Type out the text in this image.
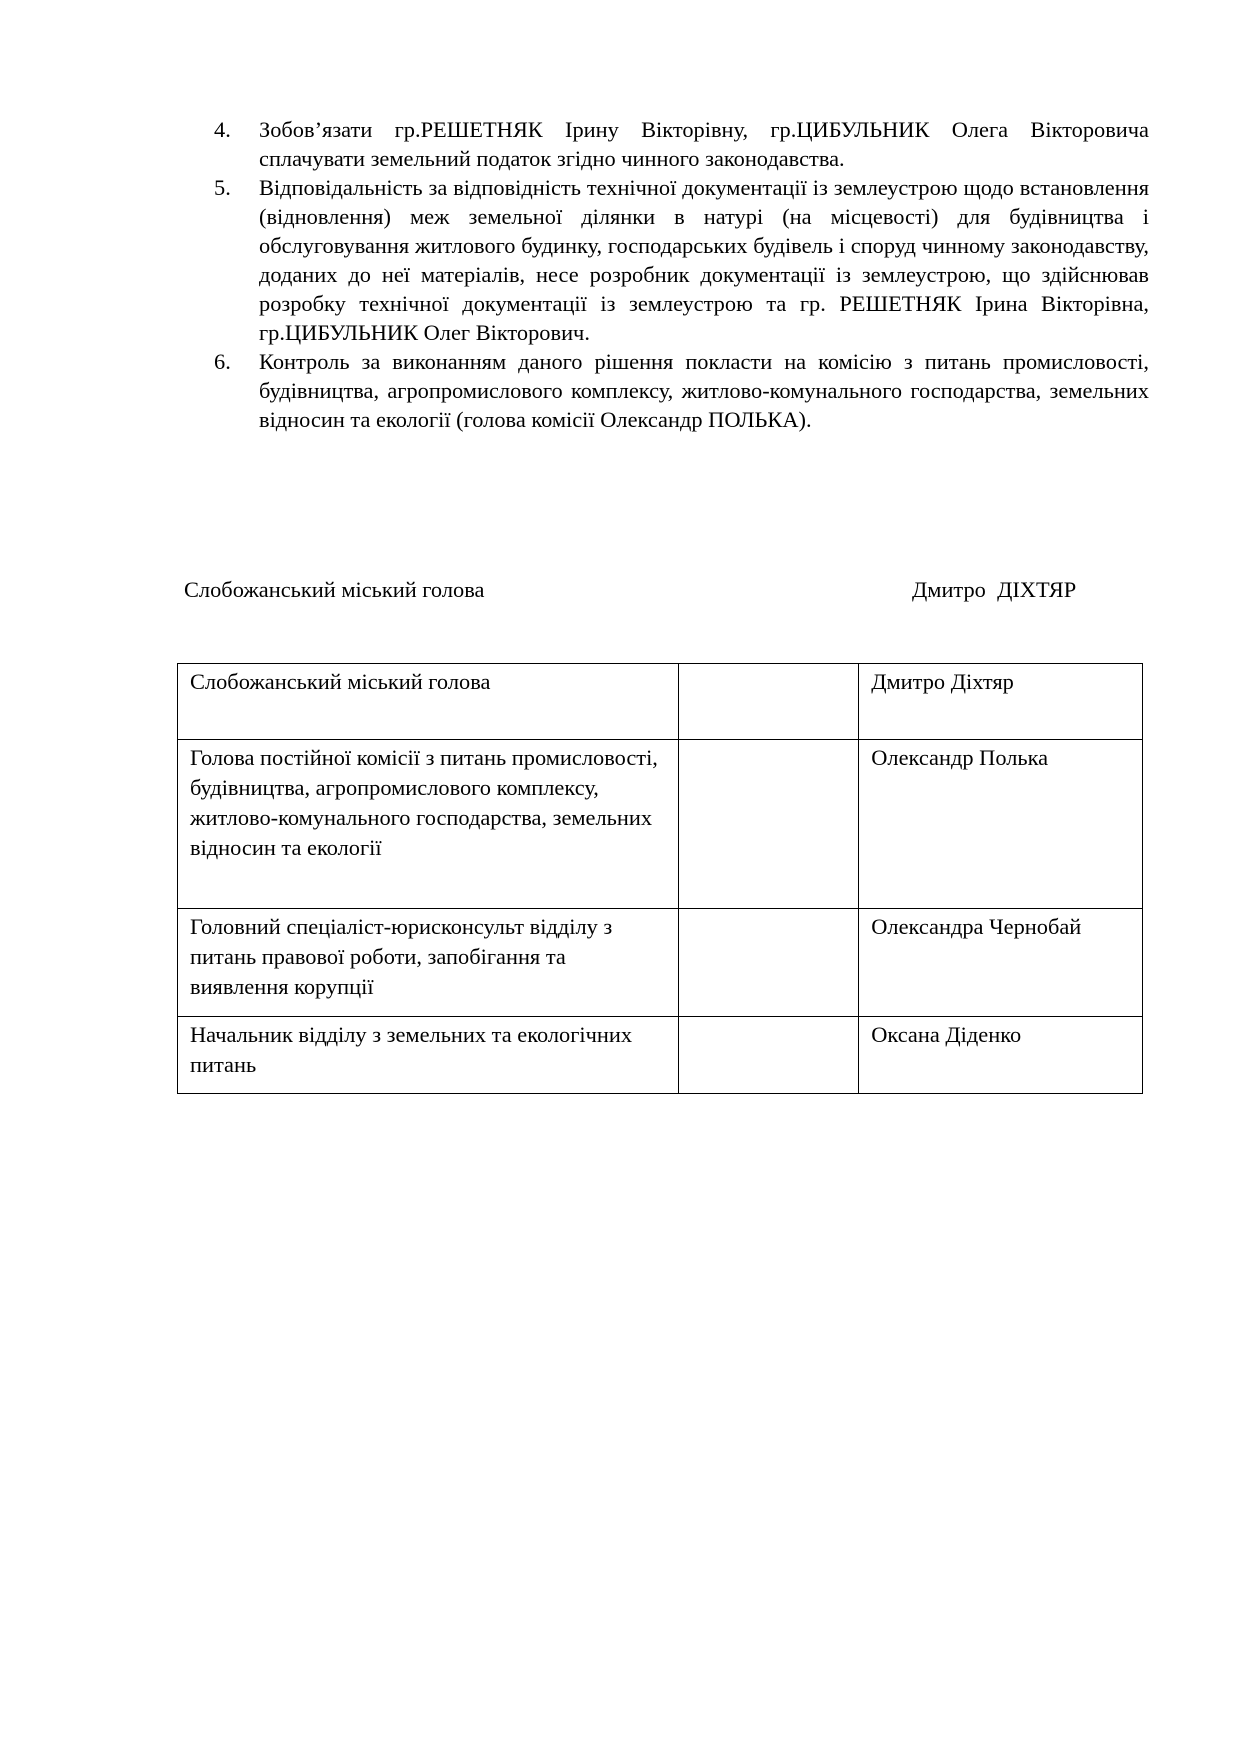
4.	Зобов’язати гр.РЕШЕТНЯК Ірину Вікторівну, гр.ЦИБУЛЬНИК Олега Вікторовича сплачувати земельний податок згідно чинного законодавства.
5.	Відповідальність за відповідність технічної документації із землеустрою щодо встановлення (відновлення) меж земельної ділянки в натурі (на місцевості) для будівництва і обслуговування житлового будинку, господарських будівель і споруд чинному законодавству, доданих до неї матеріалів, несе розробник документації із землеустрою, що здійснював розробку технічної документації із землеустрою та гр. РЕШЕТНЯК Ірина Вікторівна, гр.ЦИБУЛЬНИК Олег Вікторович.
6.	Контроль за виконанням даного рішення покласти на комісію з питань промисловості, будівництва, агропромислового комплексу, житлово-комунального господарства, земельних відносин та екології (голова комісії Олександр ПОЛЬКА).
Слобожанський міський голова	Дмитро  ДІХТЯР
Слобожанський міський голова		Дмитро Діхтяр
Голова постійної комісії з питань промисловості, будівництва, агропромислового комплексу, житлово-комунального господарства, земельних відносин та екології		Олександр Полька
Головний спеціаліст-юрисконсульт відділу з питань правової роботи, запобігання та виявлення корупції		Олександра Чернобай
Начальник відділу з земельних та екологічних питань		Оксана Діденко
